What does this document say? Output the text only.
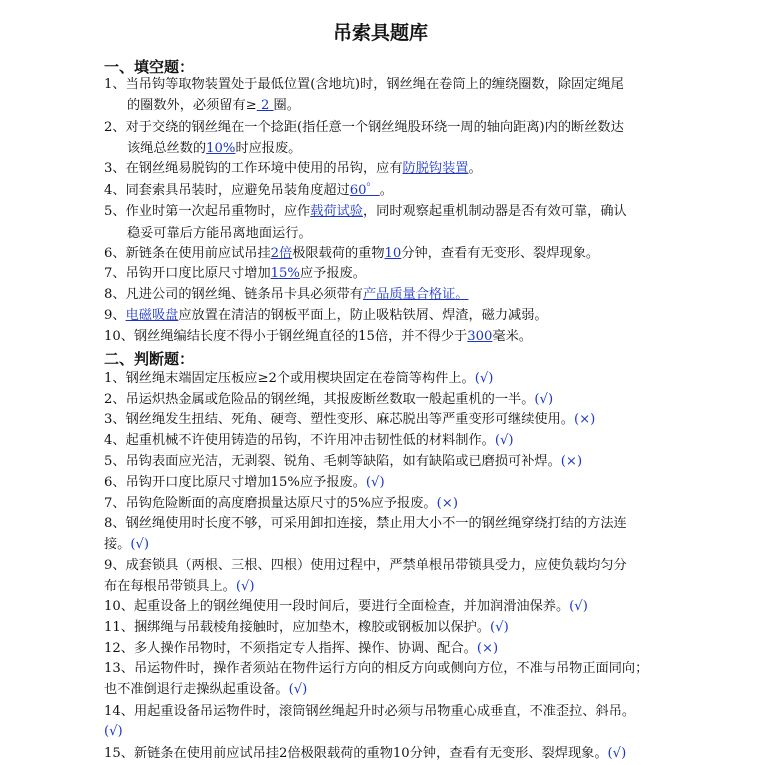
吊索具题库
一、填空题：
1、当吊钩等取物装置处于最低位置(含地坑)时，钢丝绳在卷筒上的缠绕圈数，除固定绳尾
的圈数外，必须留有≥ 2 圈。
2、对于交绕的钢丝绳在一个捻距(指任意一个钢丝绳股环绕一周的轴向距离)内的断丝数达
该绳总丝数的10%时应报废。
3、在钢丝绳易脱钩的工作环境中使用的吊钩，应有防脱钩装置。
4、同套索具吊装时，应避免吊装角度超过60゜。
5、作业时第一次起吊重物时，应作载荷试验，同时观察起重机制动器是否有效可靠，确认
稳妥可靠后方能吊离地面运行。
6、新链条在使用前应试吊挂2倍极限载荷的重物10分钟，查看有无变形、裂焊现象。
7、吊钩开口度比原尺寸增加15%应予报废。
8、凡进公司的钢丝绳、链条吊卡具必须带有产品质量合格证。
9、电磁吸盘应放置在清洁的钢板平面上，防止吸粘铁屑、焊渣，磁力减弱。
10、钢丝绳编结长度不得小于钢丝绳直径的15倍，并不得少于300毫米。
二、判断题：
1、钢丝绳末端固定压板应≥2个或用楔块固定在卷筒等构件上。(√)
2、吊运炽热金属或危险品的钢丝绳，其报废断丝数取一般起重机的一半。(√)
3、钢丝绳发生扭结、死角、硬弯、塑性变形、麻芯脱出等严重变形可继续使用。(×)
4、起重机械不许使用铸造的吊钩，不许用冲击韧性低的材料制作。(√)
5、吊钩表面应光洁，无剥裂、锐角、毛刺等缺陷，如有缺陷或已磨损可补焊。(×)
6、吊钩开口度比原尺寸增加15%应予报废。(√)
7、吊钩危险断面的高度磨损量达原尺寸的5%应予报废。(×)
8、钢丝绳使用时长度不够，可采用卸扣连接，禁止用大小不一的钢丝绳穿绕打结的方法连
接。(√)
9、成套锁具（两根、三根、四根）使用过程中，严禁单根吊带锁具受力，应使负载均匀分
布在每根吊带锁具上。(√)
10、起重设备上的钢丝绳使用一段时间后，要进行全面检查，并加润滑油保养。(√)
11、捆绑绳与吊载棱角接触时，应加垫木，橡胶或钢板加以保护。(√)
12、多人操作吊物时，不须指定专人指挥、操作、协调、配合。(×)
13、吊运物件时，操作者须站在物件运行方向的相反方向或侧向方位，不准与吊物正面同向；
也不准倒退行走操纵起重设备。(√)
14、用起重设备吊运物件时，滚筒钢丝绳起升时必须与吊物重心成垂直，不准歪拉、斜吊。
(√)
15、新链条在使用前应试吊挂2倍极限载荷的重物10分钟，查看有无变形、裂焊现象。(√)
